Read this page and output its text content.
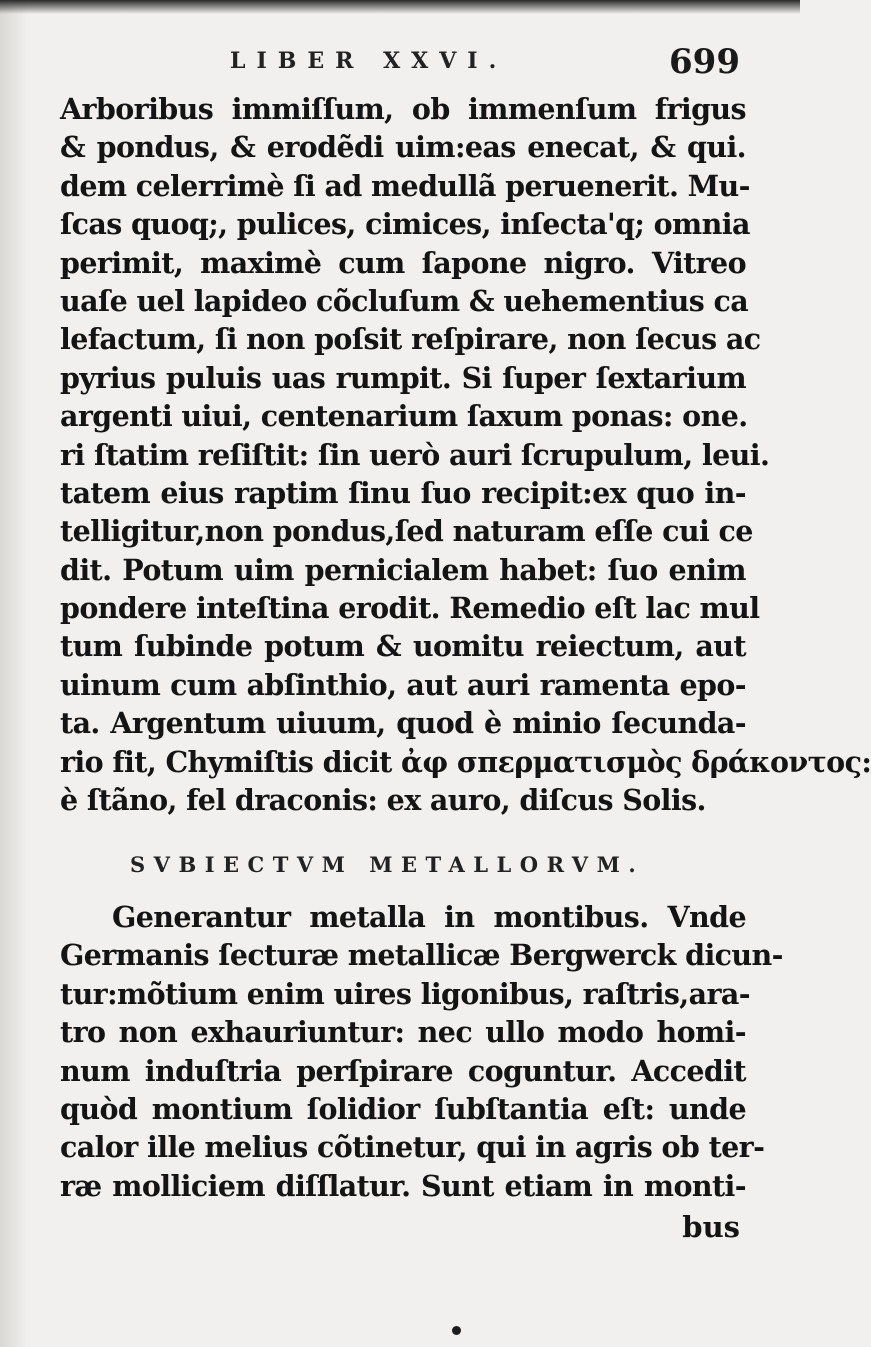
LIBER XXVI.	699
Arboribus immiſſum, ob immenſum frigus
& pondus, & erodẽdi uim:eas enecat, & qui.
dem celerrimè ſi ad medullã peruenerit. Mu-
ſcas quoq;, pulices, cimices, inſecta'q; omnia
perimit, maximè cum ſapone nigro. Vitreo
uaſe uel lapideo cõcluſum & uehementius ca
lefactum, ſi non poſsit reſpirare, non ſecus ac
pyrius puluis uas rumpit. Si ſuper ſextarium
argenti uiui, centenarium ſaxum ponas: one.
ri ſtatim reſiſtit: ſin uerò auri ſcrupulum, leui.
tatem eius raptim ſinu ſuo recipit:ex quo in-
telligitur,non pondus,ſed naturam eſſe cui ce
dit. Potum uim pernicialem habet: ſuo enim
pondere inteſtina erodit. Remedio eſt lac mul
tum ſubinde potum & uomitu reiectum, aut
uinum cum abſinthio, aut auri ramenta epo-
ta. Argentum uiuum, quod è minio ſecunda-
rio fit, Chymiſtis dicit ἀφ σπερματισμὸς δράκοντος:
è ſtãno, fel draconis: ex auro, diſcus Solis.
SVBIECTVM METALLORVM.
Generantur metalla in montibus. Vnde
Germanis ſecturæ metallicæ Bergwerck dicun-
tur:mõtium enim uires ligonibus, raſtris,ara-
tro non exhauriuntur: nec ullo modo homi-
num induſtria perſpirare coguntur. Accedit
quòd montium ſolidior ſubſtantia eſt: unde
calor ille melius cõtinetur, qui in agris ob ter-
ræ molliciem diſſlatur. Sunt etiam in monti-
bus
